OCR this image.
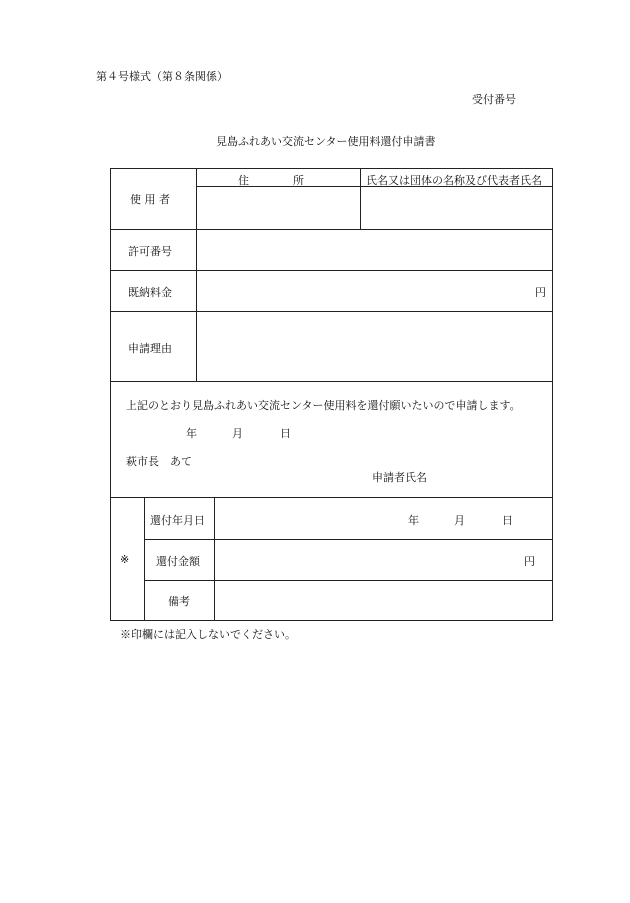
第４号様式（第８条関係）
受付番号
見島ふれあい交流センター使用料還付申請書
使 用 者
住　　　　所	氏名又は団体の名称及び代表者氏名
許可番号
既納料金	円
申請理由
上記のとおり見島ふれあい交流センター使用料を還付願いたいので申請します。
年	月	日
萩市長　あて
申請者氏名
※
還付年月日	年	月	日
還付金額	円
備考
※印欄には記入しないでください。
